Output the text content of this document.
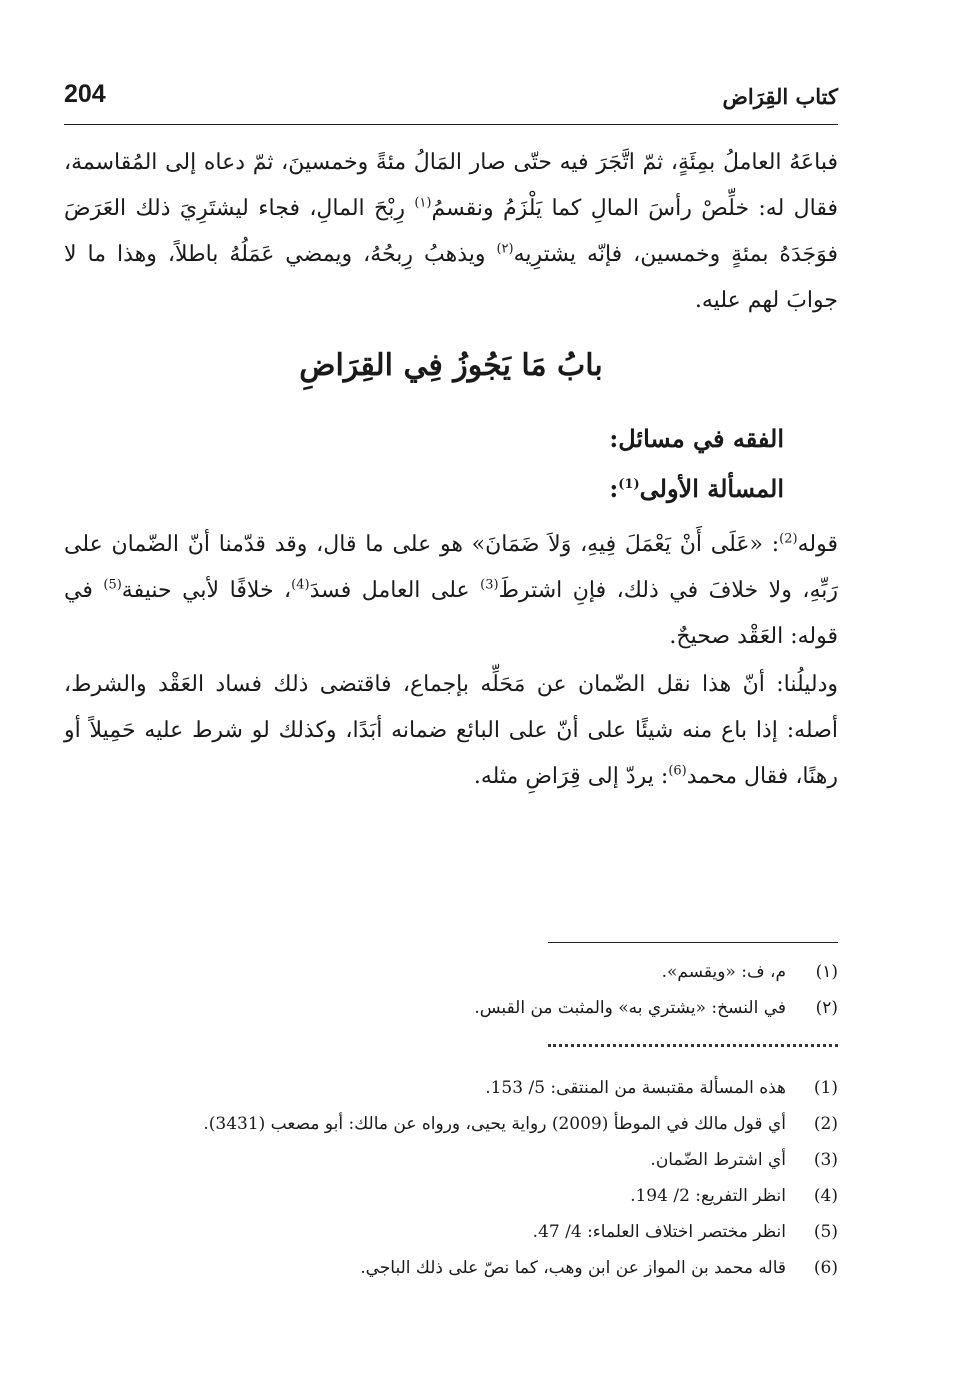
204	كتاب القِرَاض

فباعَهُ العاملُ بمِئَةٍ، ثمّ اتَّجَرَ فيه حتّى صار المَالُ مئةً وخمسينَ، ثمّ دعاه إلى المُقاسمة، فقال له: خلِّصْ رأسَ المالِ كما يَلْزَمُ ونقسمُ$^{(١)}$ رِبْحَ المالِ، فجاء ليشتَرِيَ ذلك العَرَضَ فوَجَدَهُ بمئةٍ وخمسين، فإنّه يشترِيه$^{(٢)}$ ويذهبُ رِبحُهُ، ويمضي عَمَلُهُ باطلاً، وهذا ما لا جوابَ لهم عليه.

بابُ مَا يَجُوزُ فِي القِرَاضِ
الفقه في مسائل:
المسألة الأولى$^{(1)}$:

قوله$^{(2)}$: «عَلَى أَنْ يَعْمَلَ فِيهِ، وَلاَ ضَمَانَ» هو على ما قال، وقد قدّمنا أنّ الضّمان على رَبِّهِ، ولا خلافَ في ذلك، فإنِ اشترطَ$^{(3)}$ على العامل فسدَ$^{(4)}$، خلافًا لأبي حنيفة$^{(5)}$ في قوله: العَقْد صحيحٌ.

ودليلُنا: أنّ هذا نقل الضّمان عن مَحَلِّه بإجماع، فاقتضى ذلك فساد العَقْد والشرط، أصله: إذا باع منه شيئًا على أنّ على البائع ضمانه أبَدًا، وكذلك لو شرط عليه حَمِيلاً أو رهنًا، فقال محمد$^{(6)}$: يردّ إلى قِرَاضِ مثله.

(١)
م، ف: «ويقسم».
(٢)
في النسخ: «يشتري به» والمثبت من القبس.
(1)
هذه المسألة مقتبسة من المنتقى: 5/ 153.
(2)
أي قول مالك في الموطأ (2009) رواية يحيى، ورواه عن مالك: أبو مصعب (3431).
(3)
أي اشترط الضّمان.
(4)
انظر التفريع: 2/ 194.
(5)
انظر مختصر اختلاف العلماء: 4/ 47.
(6)
قاله محمد بن المواز عن ابن وهب، كما نصّ على ذلك الباجي.
